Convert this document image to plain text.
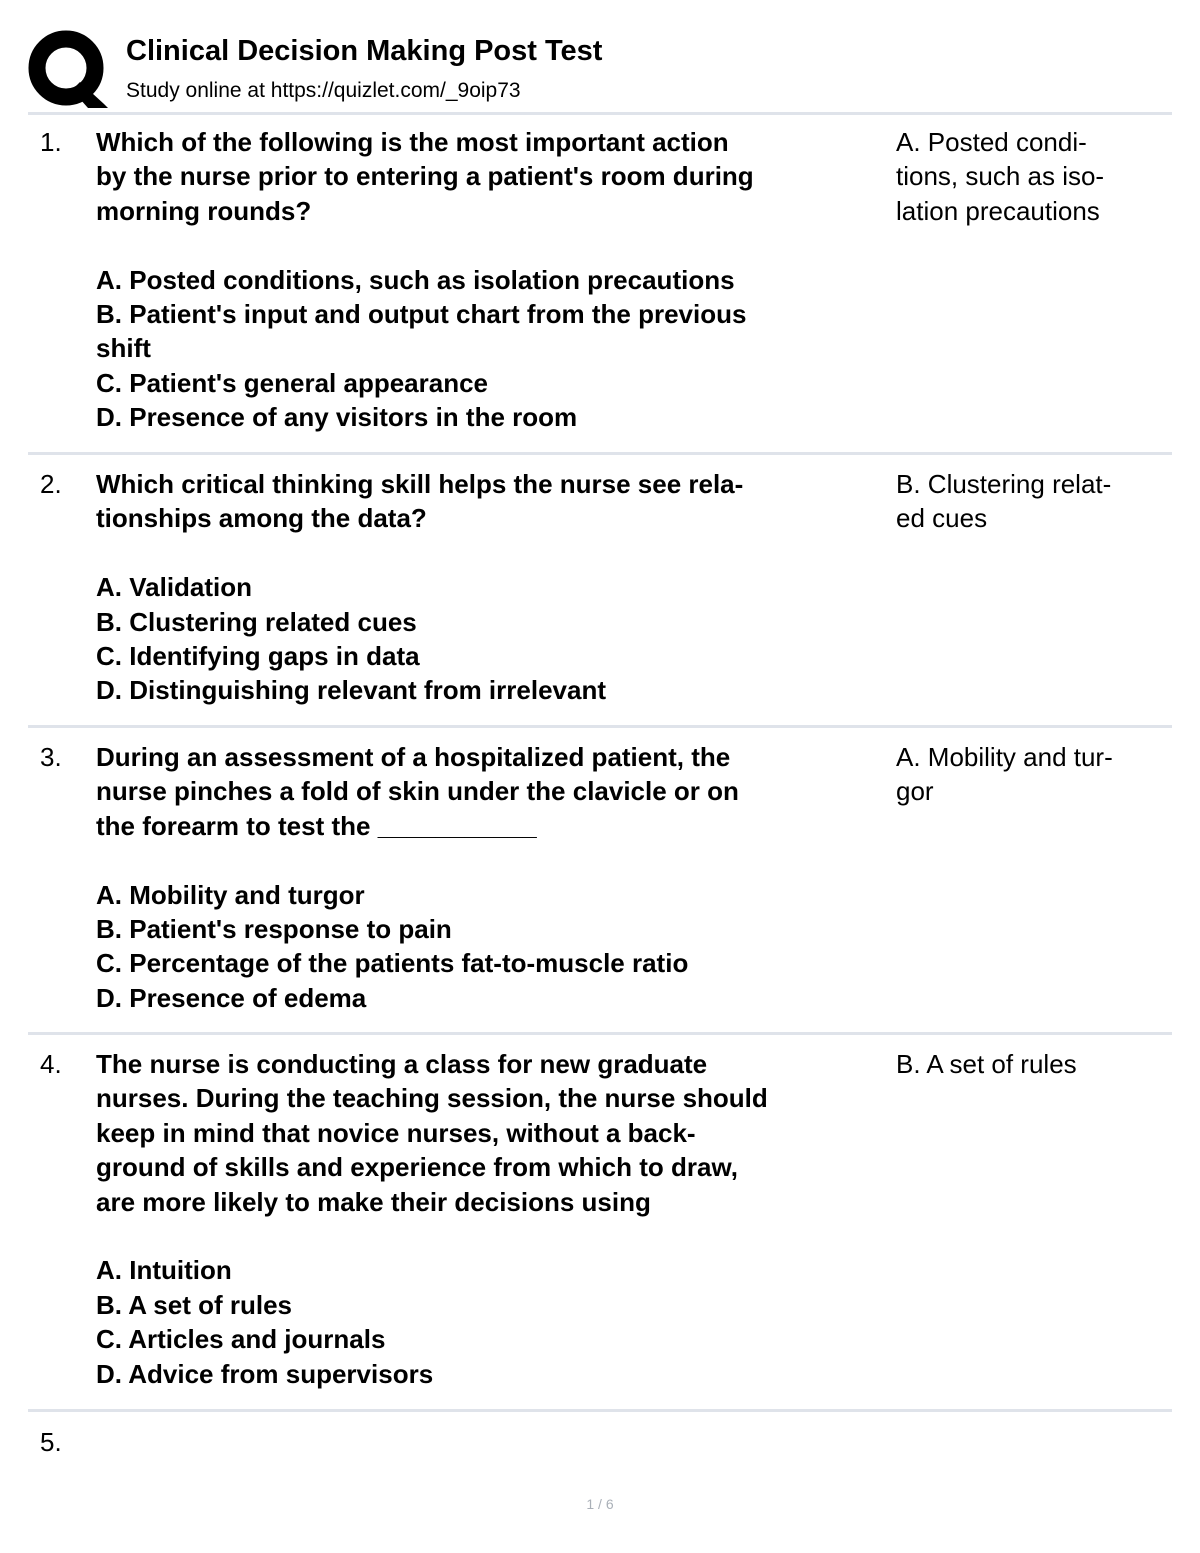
Clinical Decision Making Post Test
Study online at https://quizlet.com/_9oip73
1. Which of the following is the most important action
by the nurse prior to entering a patient's room during
morning rounds?

A. Posted conditions, such as isolation precautions
B. Patient's input and output chart from the previous
shift
C. Patient's general appearance
D. Presence of any visitors in the room
A. Posted condi-
tions, such as iso-
lation precautions
2. Which critical thinking skill helps the nurse see rela-
tionships among the data?

A. Validation
B. Clustering related cues
C. Identifying gaps in data
D. Distinguishing relevant from irrelevant
B. Clustering relat-
ed cues
3. During an assessment of a hospitalized patient, the
nurse pinches a fold of skin under the clavicle or on
the forearm to test the ___________

A. Mobility and turgor
B. Patient's response to pain
C. Percentage of the patients fat-to-muscle ratio
D. Presence of edema
A. Mobility and tur-
gor
4. The nurse is conducting a class for new graduate
nurses. During the teaching session, the nurse should
keep in mind that novice nurses, without a back-
ground of skills and experience from which to draw,
are more likely to make their decisions using

A. Intuition
B. A set of rules
C. Articles and journals
D. Advice from supervisors
B. A set of rules
5.
1 / 6
